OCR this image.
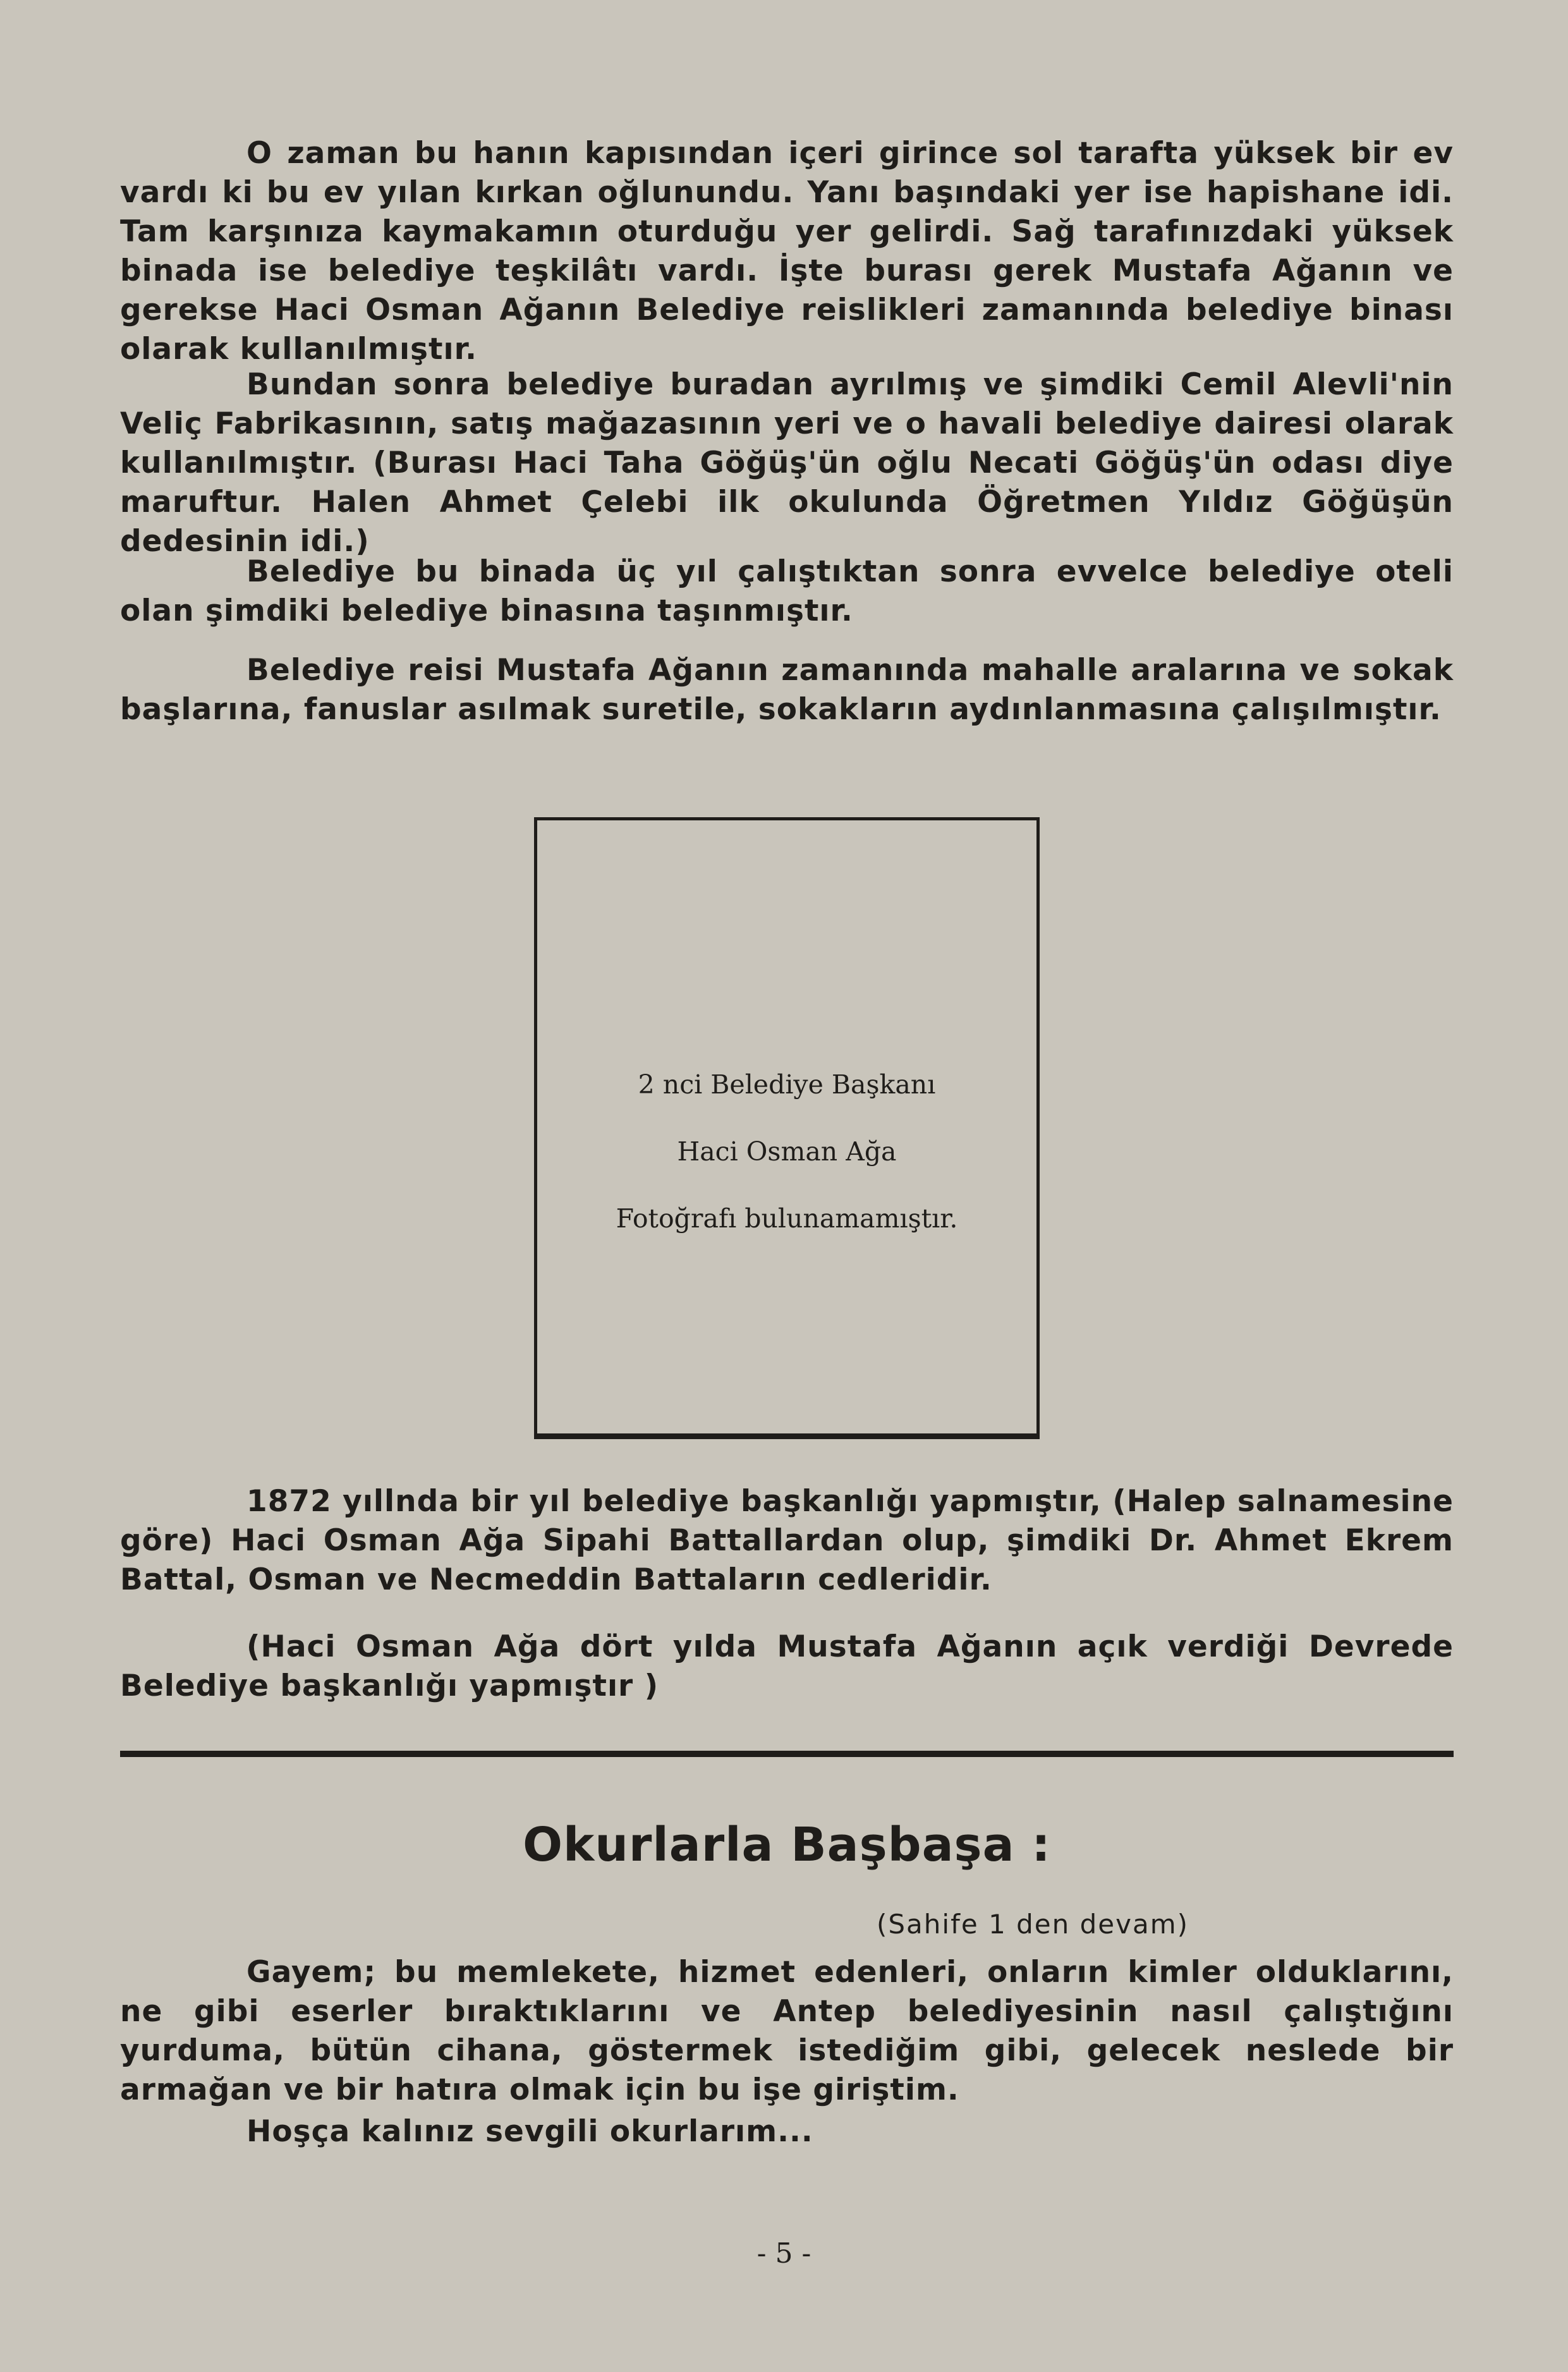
O zaman bu hanın kapısından içeri girince sol tarafta yüksek bir ev vardı ki bu ev yılan kırkan oğlunundu. Yanı başındaki yer ise hapishane idi. Tam karşınıza kaymakamın oturduğu yer gelirdi. Sağ tarafınızdaki yüksek binada ise belediye teşkilâtı vardı. İşte burası gerek Mustafa Ağanın ve gerekse Haci Osman Ağanın Belediye reislikleri zamanında belediye binası olarak kullanılmıştır.

Bundan sonra belediye buradan ayrılmış ve şimdiki Cemil Alevli'nin Veliç Fabrikasının, satış mağazasının yeri ve o havali belediye dairesi olarak kullanılmıştır. (Burası Haci Taha Göğüş'ün oğlu Necati Göğüş'ün odası diye maruftur. Halen Ahmet Çelebi ilk okulunda Öğretmen Yıldız Göğüşün dedesinin idi.)

Belediye bu binada üç yıl çalıştıktan sonra evvelce belediye oteli olan şimdiki belediye binasına taşınmıştır.

Belediye reisi Mustafa Ağanın zamanında mahalle aralarına ve sokak başlarına, fanuslar asılmak suretile, sokakların aydınlanmasına çalışılmıştır.

2 nci Belediye Başkanı
Haci Osman Ağa
Fotoğrafı bulunamamıştır.

1872 yıllnda bir yıl belediye başkanlığı yapmıştır, (Halep salnamesine göre) Haci Osman Ağa Sipahi Battallardan olup, şimdiki Dr. Ahmet Ekrem Battal, Osman ve Necmeddin Battaların cedleridir.

(Haci Osman Ağa dört yılda Mustafa Ağanın açık verdiği Devrede Belediye başkanlığı yapmıştır )

Okurlarla Başbaşa :
(Sahife 1 den devam)

Gayem; bu memlekete, hizmet edenleri, onların kimler olduklarını, ne gibi eserler bıraktıklarını ve Antep belediyesinin nasıl çalıştığını yurduma, bütün cihana, göstermek istediğim gibi, gelecek neslede bir armağan ve bir hatıra olmak için bu işe giriştim.

Hoşça kalınız sevgili okurlarım...

- 5 -
